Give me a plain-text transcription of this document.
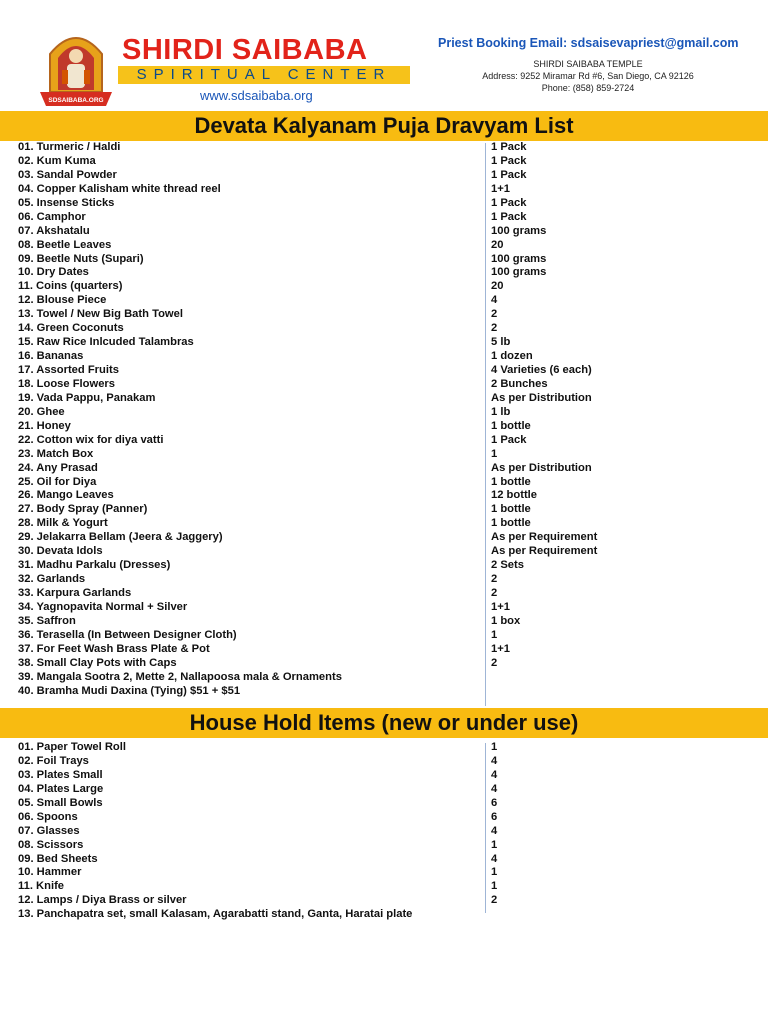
SDSAIBABA.ORG
SHIRDI SAIBABA
SPIRITUAL CENTER
www.sdsaibaba.org
Priest Booking Email: sdsaisevapriest@gmail.com
SHIRDI SAIBABA TEMPLE
Address: 9252 Miramar Rd #6, San Diego, CA 92126
Phone: (858) 859-2724
Devata Kalyanam Puja Dravyam List
01. Turmeric / Haldi	1 Pack
02. Kum Kuma	1 Pack
03. Sandal Powder	1 Pack
04. Copper Kalisham white thread reel	1+1
05. Insense Sticks	1 Pack
06. Camphor	1 Pack
07. Akshatalu	100 grams
08. Beetle Leaves	20
09. Beetle Nuts (Supari)	100 grams
10. Dry Dates	100 grams
11. Coins (quarters)	20
12. Blouse Piece	4
13. Towel / New Big Bath Towel	2
14. Green Coconuts	2
15. Raw Rice Inlcuded Talambras	5 lb
16. Bananas	1 dozen
17. Assorted Fruits	4 Varieties (6 each)
18. Loose Flowers	2 Bunches
19. Vada Pappu, Panakam	As per Distribution
20. Ghee	1 lb
21. Honey	1 bottle
22. Cotton wix for diya vatti	1 Pack
23. Match Box	1
24. Any Prasad	As per Distribution
25. Oil for Diya	1 bottle
26. Mango Leaves	12 bottle
27. Body Spray (Panner)	1 bottle
28. Milk & Yogurt	1 bottle
29. Jelakarra Bellam (Jeera & Jaggery)	As per Requirement
30. Devata Idols	As per Requirement
31. Madhu Parkalu (Dresses)	2 Sets
32. Garlands	2
33. Karpura Garlands	2
34. Yagnopavita Normal + Silver	1+1
35. Saffron	1 box
36. Terasella (In Between Designer Cloth)	1
37. For Feet Wash Brass Plate & Pot	1+1
38. Small Clay Pots with Caps	2
39. Mangala Sootra 2, Mette 2, Nallapoosa mala & Ornaments
40. Bramha Mudi Daxina (Tying) $51 + $51
House Hold Items (new or under use)
01. Paper Towel Roll	1
02. Foil Trays	4
03. Plates Small	4
04. Plates Large	4
05. Small Bowls	6
06. Spoons	6
07. Glasses	4
08. Scissors	1
09. Bed Sheets	4
10. Hammer	1
11. Knife	1
12. Lamps / Diya Brass or silver	2
13. Panchapatra set, small Kalasam, Agarabatti stand, Ganta, Haratai plate
